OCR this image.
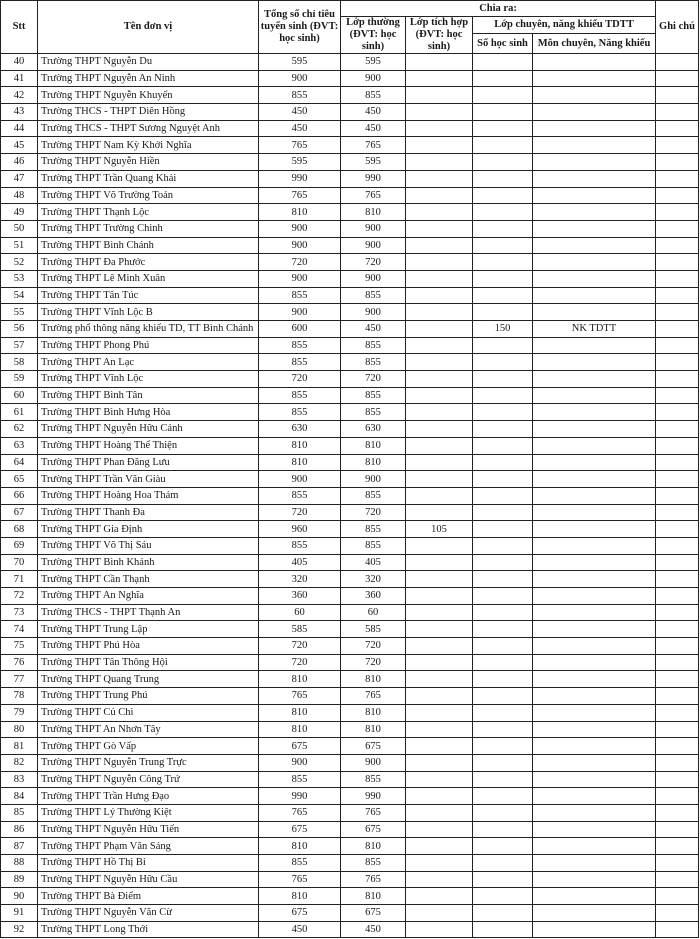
Stt	Tên đơn vị	Tổng số chỉ tiêu tuyển sinh (ĐVT: học sinh)	Chia ra:				Ghi chú
			Lớp thường (ĐVT: học sinh)	Lớp tích hợp (ĐVT: học sinh)	Lớp chuyên, năng khiếu TDTT		
					Số học sinh	Môn chuyên, Năng khiếu	
40	Trường THPT Nguyễn Du	595	595				
41	Trường THPT Nguyễn An Ninh	900	900				
42	Trường THPT Nguyễn Khuyến	855	855				
43	Trường THCS - THPT Diên Hồng	450	450				
44	Trường THCS - THPT Sương Nguyệt Anh	450	450				
45	Trường THPT Nam Kỳ Khởi Nghĩa	765	765				
46	Trường THPT Nguyễn Hiền	595	595				
47	Trường THPT Trần Quang Khải	990	990				
48	Trường THPT Võ Trường Toản	765	765				
49	Trường THPT Thạnh Lộc	810	810				
50	Trường THPT Trường Chinh	900	900				
51	Trường THPT Bình Chánh	900	900				
52	Trường THPT Đa Phước	720	720				
53	Trường THPT Lê Minh Xuân	900	900				
54	Trường THPT Tân Túc	855	855				
55	Trường THPT Vĩnh Lộc B	900	900				
56	Trường phổ thông năng khiếu TD, TT Bình Chánh	600	450		150	NK TDTT	
57	Trường THPT Phong Phú	855	855				
58	Trường THPT An Lạc	855	855				
59	Trường THPT Vĩnh Lộc	720	720				
60	Trường THPT Bình Tân	855	855				
61	Trường THPT Bình Hưng Hòa	855	855				
62	Trường THPT Nguyễn Hữu Cảnh	630	630				
63	Trường THPT Hoàng Thế Thiện	810	810				
64	Trường THPT Phan Đăng Lưu	810	810				
65	Trường THPT Trần Văn Giàu	900	900				
66	Trường THPT Hoàng Hoa Thám	855	855				
67	Trường THPT Thanh Đa	720	720				
68	Trường THPT Gia Định	960	855	105			
69	Trường THPT Võ Thị Sáu	855	855				
70	Trường THPT Bình Khánh	405	405				
71	Trường THPT Cần Thạnh	320	320				
72	Trường THPT An Nghĩa	360	360				
73	Trường THCS - THPT Thạnh An	60	60				
74	Trường THPT Trung Lập	585	585				
75	Trường THPT Phú Hòa	720	720				
76	Trường THPT Tân Thông Hội	720	720				
77	Trường THPT Quang Trung	810	810				
78	Trường THPT Trung Phú	765	765				
79	Trường THPT Củ Chi	810	810				
80	Trường THPT An Nhơn Tây	810	810				
81	Trường THPT Gò Vấp	675	675				
82	Trường THPT Nguyễn Trung Trực	900	900				
83	Trường THPT Nguyễn Công Trứ	855	855				
84	Trường THPT Trần Hưng Đạo	990	990				
85	Trường THPT Lý Thường Kiệt	765	765				
86	Trường THPT Nguyễn Hữu Tiến	675	675				
87	Trường THPT Phạm Văn Sáng	810	810				
88	Trường THPT Hồ Thị Bi	855	855				
89	Trường THPT Nguyễn Hữu Cầu	765	765				
90	Trường THPT Bà Điểm	810	810				
91	Trường THPT Nguyễn Văn Cừ	675	675				
92	Trường THPT Long Thới	450	450				
